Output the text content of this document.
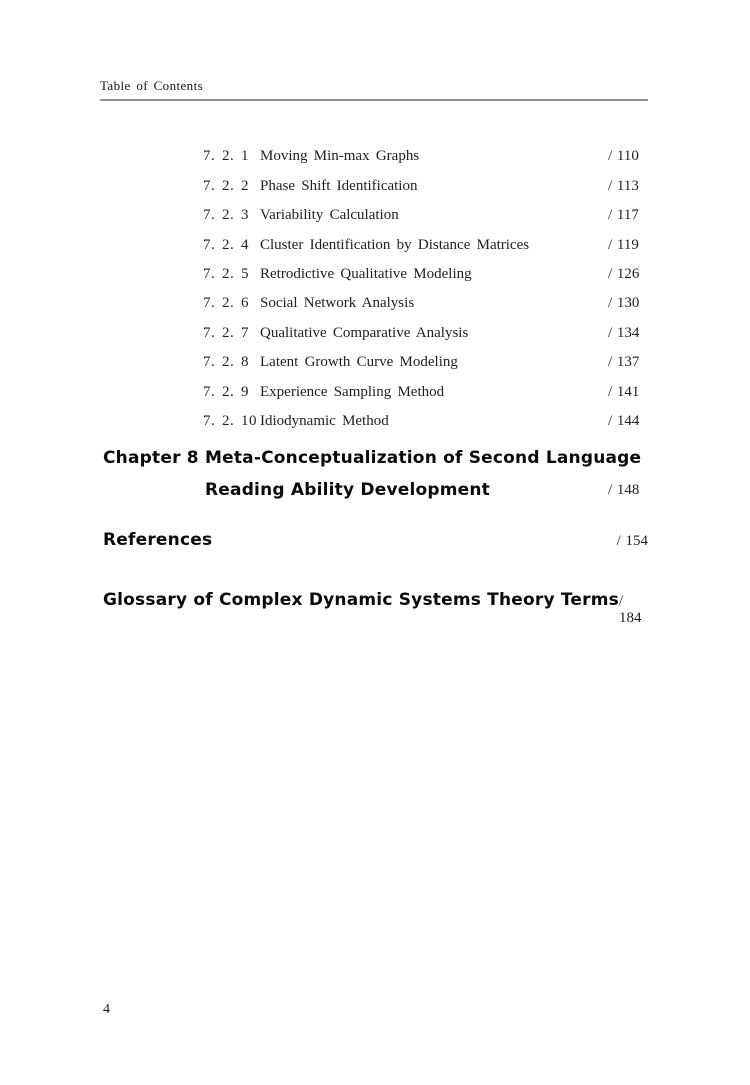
Table of Contents
7. 2. 1 Moving Min-max Graphs	/ 110
7. 2. 2 Phase Shift Identification	/ 113
7. 2. 3 Variability Calculation	/ 117
7. 2. 4 Cluster Identification by Distance Matrices	/ 119
7. 2. 5 Retrodictive Qualitative Modeling	/ 126
7. 2. 6 Social Network Analysis	/ 130
7. 2. 7 Qualitative Comparative Analysis	/ 134
7. 2. 8 Latent Growth Curve Modeling	/ 137
7. 2. 9 Experience Sampling Method	/ 141
7. 2. 10 Idiodynamic Method	/ 144
Chapter 8 Meta-Conceptualization of Second Language
Reading Ability Development	/ 148
References	/ 154
Glossary of Complex Dynamic Systems Theory Terms / 184
4
